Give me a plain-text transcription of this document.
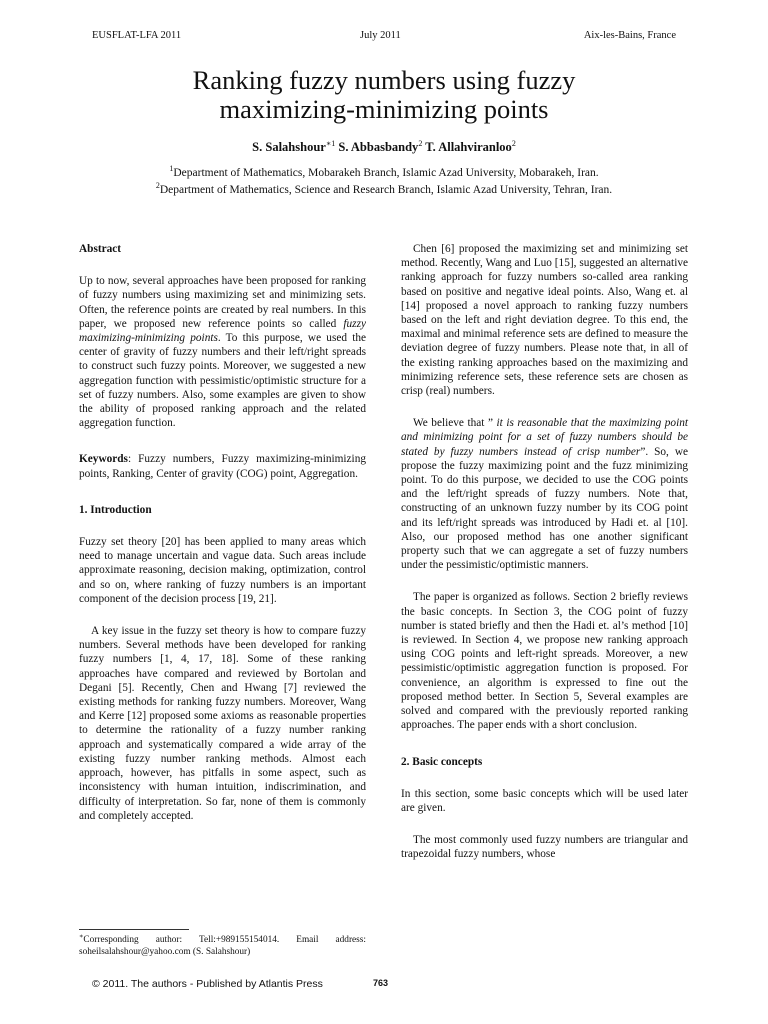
EUSFLAT-LFA 2011	July 2011	Aix-les-Bains, France
Ranking fuzzy numbers using fuzzy
maximizing-minimizing points
S. Salahshour$^{∗1}$ S. Abbasbandy$^2$ T. Allahviranloo$^2$
$^1$Department of Mathematics, Mobarakeh Branch, Islamic Azad University, Mobarakeh, Iran.
$^2$Department of Mathematics, Science and Research Branch, Islamic Azad University, Tehran, Iran.
Abstract

Up to now, several approaches have been proposed for ranking of fuzzy numbers using maximizing set and minimizing sets. Often, the reference points are created by real numbers. In this paper, we proposed new reference points so called fuzzy maximizing-minimizing points. To this purpose, we used the center of gravity of fuzzy numbers and their left/right spreads to construct such fuzzy points. Moreover, we suggested a new aggregation function with pessimistic/optimistic structure for a set of fuzzy numbers. Also, some examples are given to show the ability of proposed ranking approach and the related aggregation function.

Keywords: Fuzzy numbers, Fuzzy maximizing-minimizing points, Ranking, Center of gravity (COG) point, Aggregation.

1. Introduction

Fuzzy set theory [20] has been applied to many areas which need to manage uncertain and vague data. Such areas include approximate reasoning, decision making, optimization, control and so on, where ranking of fuzzy numbers is an important component of the decision process [19, 21].

A key issue in the fuzzy set theory is how to compare fuzzy numbers. Several methods have been developed for ranking fuzzy numbers [1, 4, 17, 18]. Some of these ranking approaches have compared and reviewed by Bortolan and Degani [5]. Recently, Chen and Hwang [7] reviewed the existing methods for ranking fuzzy numbers. Moreover, Wang and Kerre [12] proposed some axioms as reasonable properties to determine the rationality of a fuzzy number ranking approach and systematically compared a wide array of the existing fuzzy number ranking methods. Almost each approach, however, has pitfalls in some aspect, such as inconsistency with human intuition, indiscrimination, and difficulty of interpretation. So far, none of them is commonly and completely accepted.

Chen [6] proposed the maximizing set and minimizing set method. Recently, Wang and Luo [15], suggested an alternative ranking approach for fuzzy numbers so-called area ranking based on positive and negative ideal points. Also, Wang et. al [14] proposed a novel approach to ranking fuzzy numbers based on the left and right deviation degree. To this end, the maximal and minimal reference sets are defined to measure the deviation degree of fuzzy numbers. Please note that, in all of the existing ranking approaches based on the maximizing and minimizing reference sets, these reference sets are chosen as crisp (real) numbers.

We believe that ” it is reasonable that the maximizing point and minimizing point for a set of fuzzy numbers should be stated by fuzzy numbers instead of crisp number”. So, we propose the fuzzy maximizing point and the fuzz minimizing point. To do this purpose, we decided to use the COG points and the left/right spreads of fuzzy numbers. Note that, constructing of an unknown fuzzy number by its COG point and its left/right spreads was introduced by Hadi et. al [10]. Also, our proposed method has one another significant property such that we can aggregate a set of fuzzy numbers under the pessimistic/optimistic manners.

The paper is organized as follows. Section 2 briefly reviews the basic concepts. In Section 3, the COG point of fuzzy number is stated briefly and then the Hadi et. al’s method [10] is reviewed. In Section 4, we propose new ranking approach using COG points and left-right spreads. Moreover, a new pessimistic/optimistic aggregation function is proposed. For convenience, an algorithm is expressed to fine out the proposed method better. In Section 5, Several examples are solved and compared with the previously reported ranking approaches. The paper ends with a short conclusion.

2. Basic concepts

In this section, some basic concepts which will be used later are given.

The most commonly used fuzzy numbers are triangular and trapezoidal fuzzy numbers, whose

∗Corresponding author: Tell:+989155154014. Email address: soheilsalahshour@yahoo.com (S. Salahshour)
© 2011. The authors - Published by Atlantis Press	763
